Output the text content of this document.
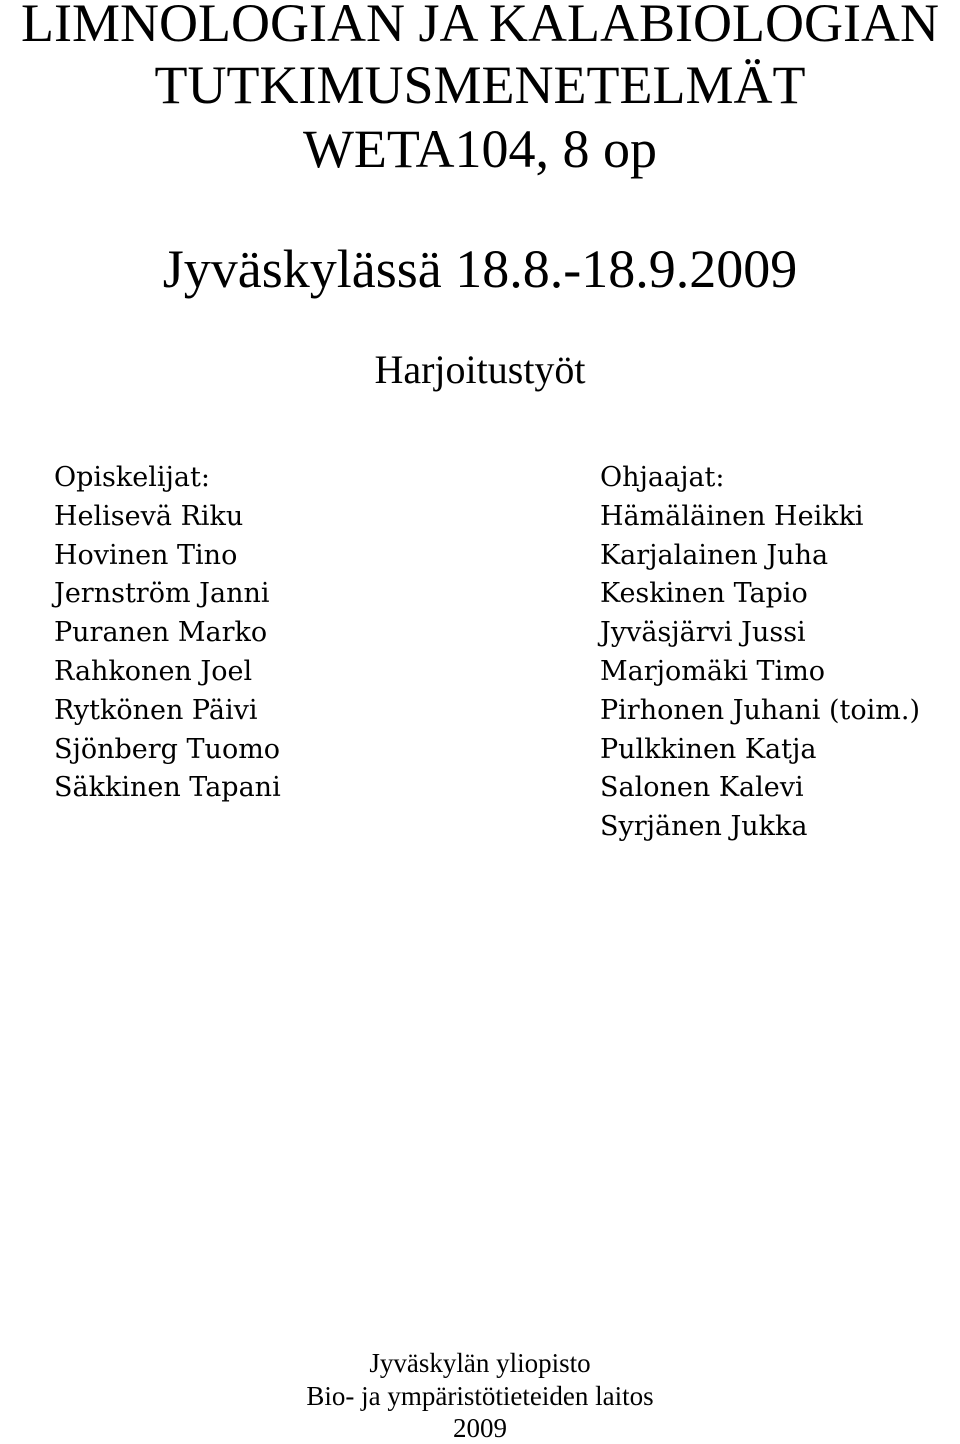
LIMNOLOGIAN JA KALABIOLOGIAN
TUTKIMUSMENETELMÄT
WETA104, 8 op
Jyväskylässä 18.8.-18.9.2009
Harjoitustyöt
Opiskelijat:
Helisevä Riku
Hovinen Tino
Jernström Janni
Puranen Marko
Rahkonen Joel
Rytkönen Päivi
Sjönberg Tuomo
Säkkinen Tapani
Ohjaajat:
Hämäläinen Heikki
Karjalainen Juha
Keskinen Tapio
Jyväsjärvi Jussi
Marjomäki Timo
Pirhonen Juhani (toim.)
Pulkkinen Katja
Salonen Kalevi
Syrjänen Jukka
Jyväskylän yliopisto
Bio- ja ympäristötieteiden laitos
2009
